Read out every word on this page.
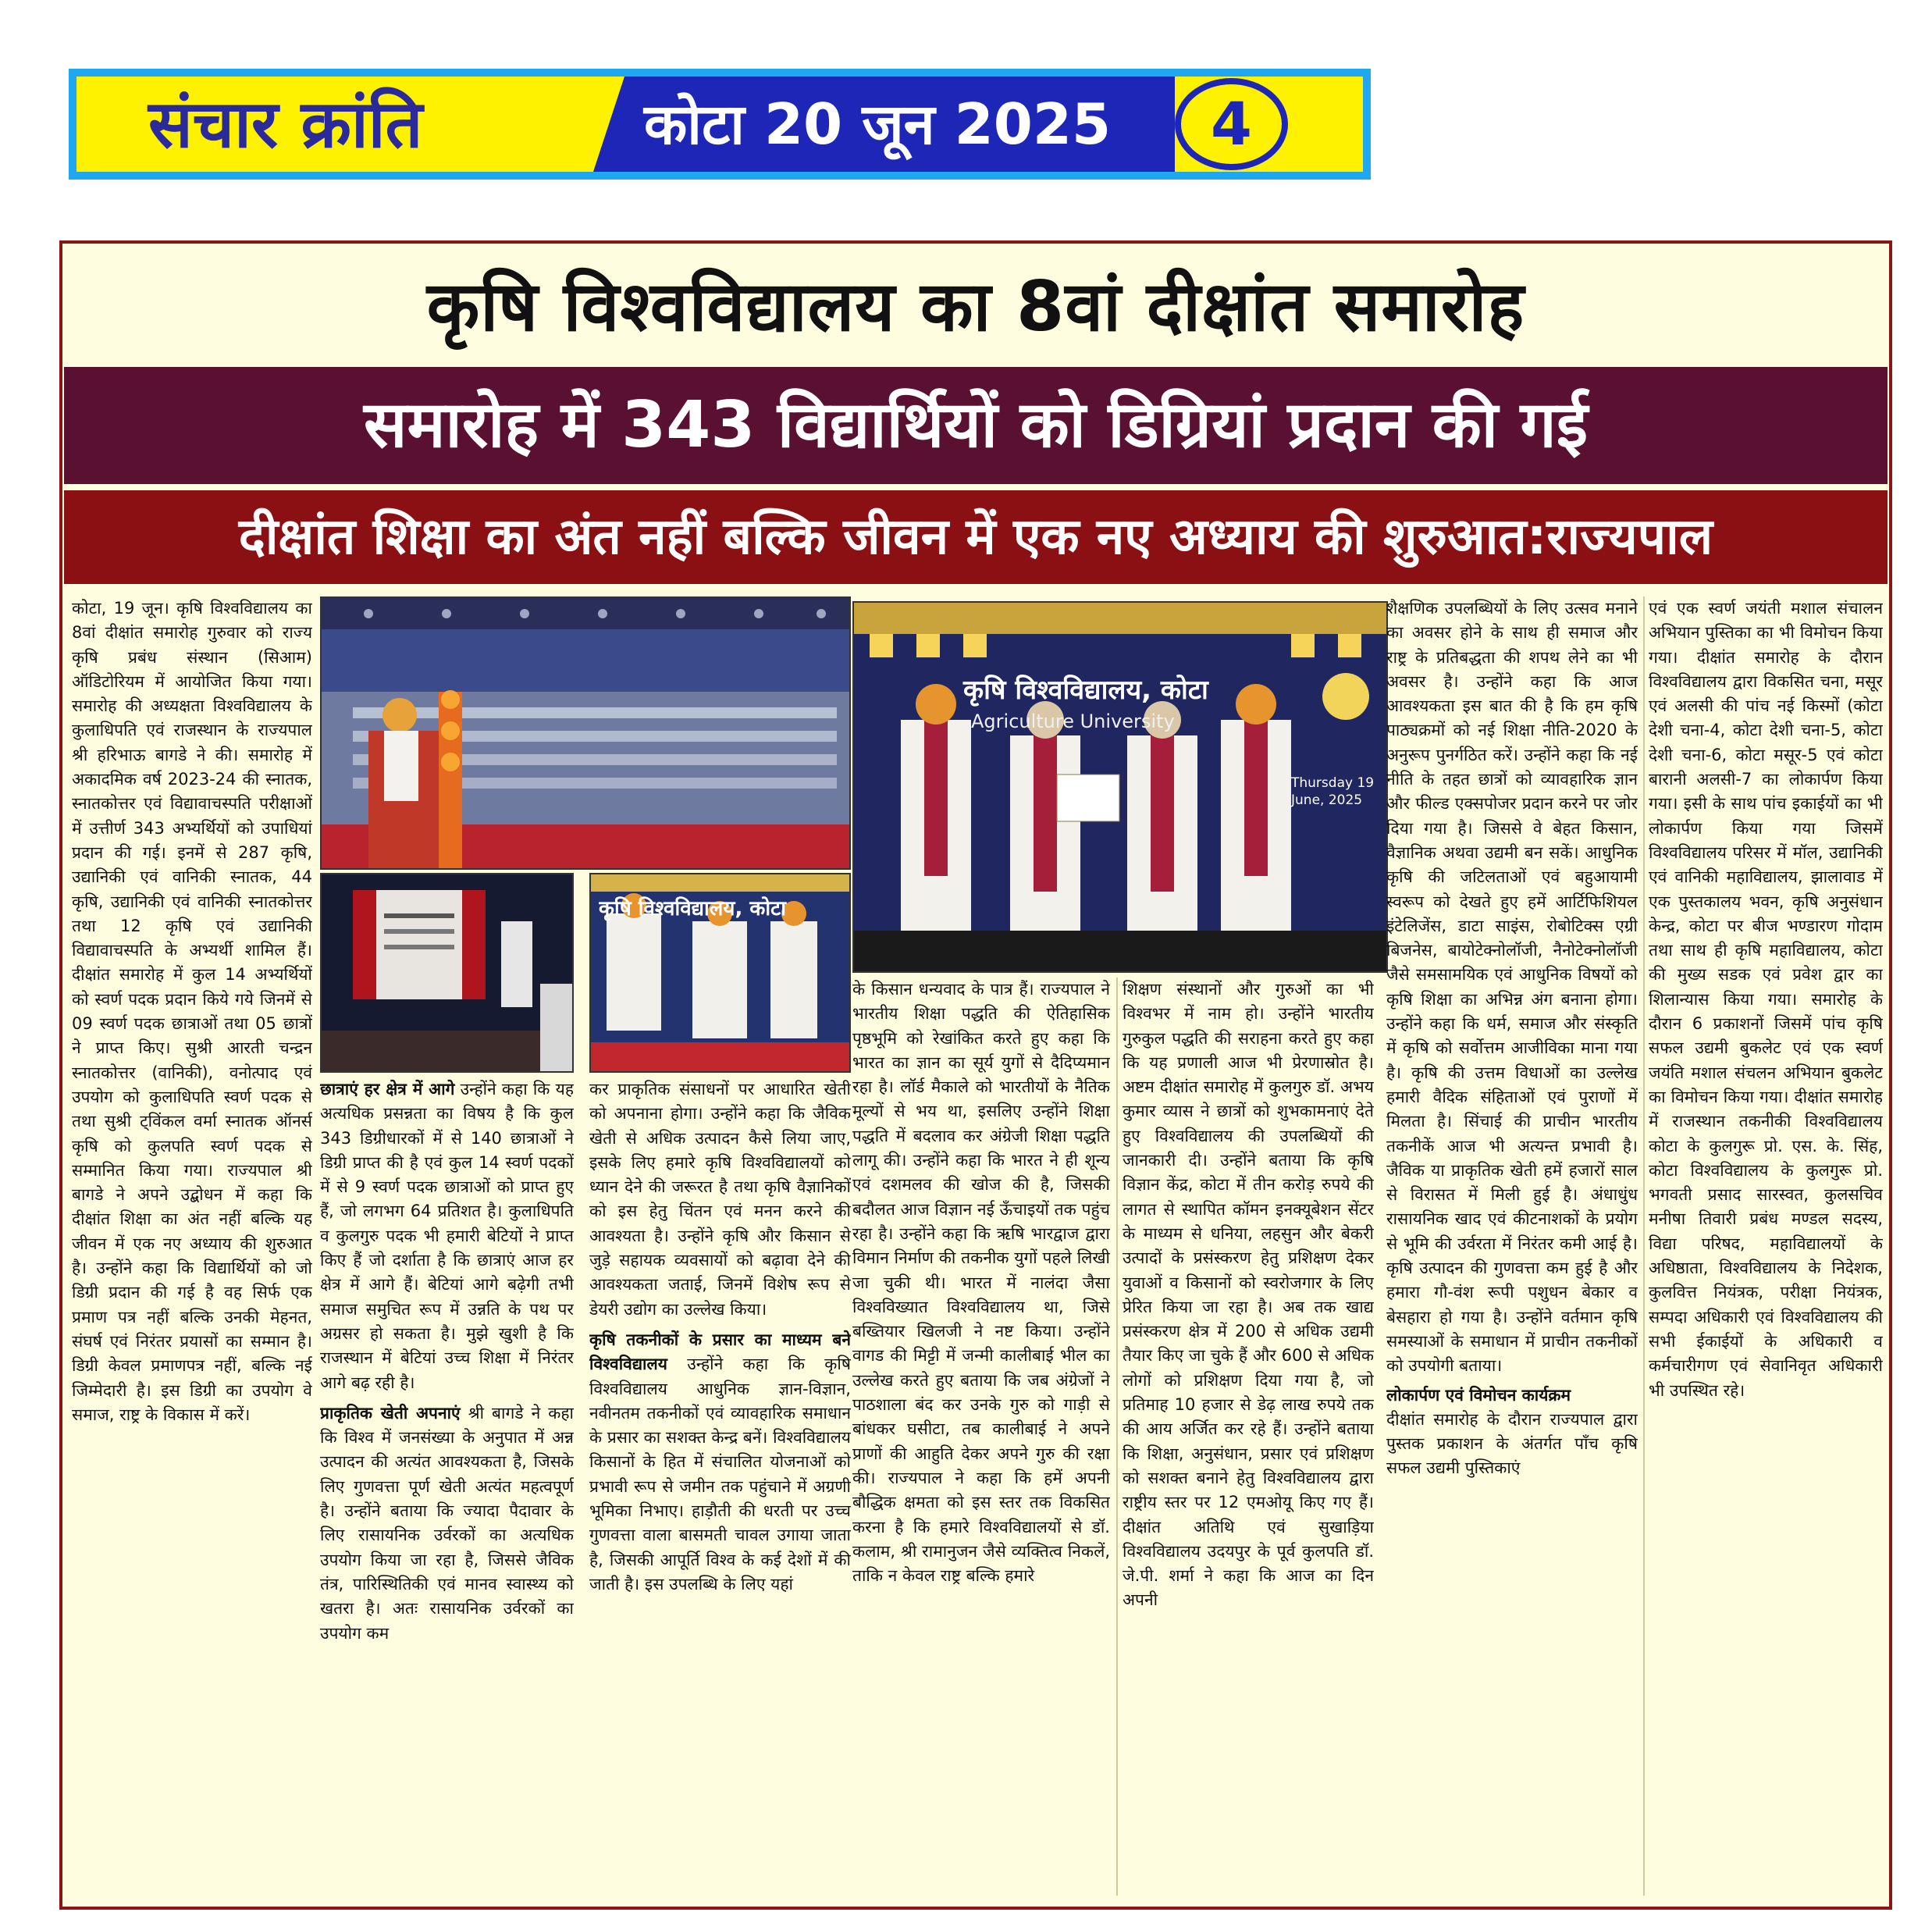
संचार क्रांति	कोटा 20 जून 2025	4
कृषि विश्वविद्यालय का 8वां दीक्षांत समारोह
समारोह में 343 विद्यार्थियों को डिग्रियां प्रदान की गई
दीक्षांत शिक्षा का अंत नहीं बल्कि जीवन में एक नए अध्याय की शुरुआत:राज्यपाल

कोटा, 19 जून। कृषि विश्वविद्यालय का 8वां दीक्षांत समारोह गुरुवार को राज्य कृषि प्रबंध संस्थान (सिआम) ऑडिटोरियम में आयोजित किया गया। समारोह की अध्यक्षता विश्वविद्यालय के कुलाधिपति एवं राजस्थान के राज्यपाल श्री हरिभाऊ बागडे ने की। समारोह में अकादमिक वर्ष 2023-24 की स्नातक, स्नातकोत्तर एवं विद्यावाचस्पति परीक्षाओं में उत्तीर्ण 343 अभ्यर्थियों को उपाधियां प्रदान की गई। इनमें से 287 कृषि, उद्यानिकी एवं वानिकी स्नातक, 44 कृषि, उद्यानिकी एवं वानिकी स्नातकोत्तर तथा 12 कृषि एवं उद्यानिकी विद्यावाचस्पति के अभ्यर्थी शामिल हैं। दीक्षांत समारोह में कुल 14 अभ्यर्थियों को स्वर्ण पदक प्रदान किये गये जिनमें से 09 स्वर्ण पदक छात्राओं तथा 05 छात्रों ने प्राप्त किए। सुश्री आरती चन्द्रन स्नातकोत्तर (वानिकी), वनोत्पाद एवं उपयोग को कुलाधिपति स्वर्ण पदक से तथा सुश्री ट्विंकल वर्मा स्नातक ऑनर्स कृषि को कुलपति स्वर्ण पदक से सम्मानित किया गया। राज्यपाल श्री बागडे ने अपने उद्बोधन में कहा कि दीक्षांत शिक्षा का अंत नहीं बल्कि यह जीवन में एक नए अध्याय की शुरुआत है। उन्होंने कहा कि विद्यार्थियों को जो डिग्री प्रदान की गई है वह सिर्फ एक प्रमाण पत्र नहीं बल्कि उनकी मेहनत, संघर्ष एवं निरंतर प्रयासों का सम्मान है। डिग्री केवल प्रमाणपत्र नहीं, बल्कि नई जिम्मेदारी है। इस डिग्री का उपयोग वे समाज, राष्ट्र के विकास में करें।

कृषि विश्वविद्यालय, कोटा

छात्राएं हर क्षेत्र में आगे उन्होंने कहा कि यह अत्यधिक प्रसन्नता का विषय है कि कुल 343 डिग्रीधारकों में से 140 छात्राओं ने डिग्री प्राप्त की है एवं कुल 14 स्वर्ण पदकों में से 9 स्वर्ण पदक छात्राओं को प्राप्त हुए हैं, जो लगभग 64 प्रतिशत है। कुलाधिपति व कुलगुरु पदक भी हमारी बेटियों ने प्राप्त किए हैं जो दर्शाता है कि छात्राएं आज हर क्षेत्र में आगे हैं। बेटियां आगे बढ़ेगी तभी समाज समुचित रूप में उन्नति के पथ पर अग्रसर हो सकता है। मुझे खुशी है कि राजस्थान में बेटियां उच्च शिक्षा में निरंतर आगे बढ़ रही है।

प्राकृतिक खेती अपनाएं श्री बागडे ने कहा कि विश्व में जनसंख्या के अनुपात में अन्न उत्पादन की अत्यंत आवश्यकता है, जिसके लिए गुणवत्ता पूर्ण खेती अत्यंत महत्वपूर्ण है। उन्होंने बताया कि ज्यादा पैदावार के लिए रासायनिक उर्वरकों का अत्यधिक उपयोग किया जा रहा है, जिससे जैविक तंत्र, पारिस्थितिकी एवं मानव स्वास्थ्य को खतरा है। अतः रासायनिक उर्वरकों का उपयोग कम

कर प्राकृतिक संसाधनों पर आधारित खेती को अपनाना होगा। उन्होंने कहा कि जैविक खेती से अधिक उत्पादन कैसे लिया जाए, इसके लिए हमारे कृषि विश्वविद्यालयों को ध्यान देने की जरूरत है तथा कृषि वैज्ञानिकों को इस हेतु चिंतन एवं मनन करने की आवश्यता है। उन्होंने कृषि और किसान से जुड़े सहायक व्यवसायों को बढ़ावा देने की आवश्यकता जताई, जिनमें विशेष रूप से डेयरी उद्योग का उल्लेख किया।

कृषि तकनीकों के प्रसार का माध्यम बने विश्वविद्यालय उन्होंने कहा कि कृषि विश्वविद्यालय आधुनिक ज्ञान-विज्ञान, नवीनतम तकनीकों एवं व्यावहारिक समाधान के प्रसार का सशक्त केन्द्र बनें। विश्वविद्यालय किसानों के हित में संचालित योजनाओं को प्रभावी रूप से जमीन तक पहुंचाने में अग्रणी भूमिका निभाए। हाड़ौती की धरती पर उच्च गुणवत्ता वाला बासमती चावल उगाया जाता है, जिसकी आपूर्ति विश्व के कई देशों में की जाती है। इस उपलब्धि के लिए यहां

कृषि विश्वविद्यालय, कोटा
Agriculture University
Thursday 19 June, 2025

के किसान धन्यवाद के पात्र हैं। राज्यपाल ने भारतीय शिक्षा पद्धति की ऐतिहासिक पृष्ठभूमि को रेखांकित करते हुए कहा कि भारत का ज्ञान का सूर्य युगों से दैदिप्यमान रहा है। लॉर्ड मैकाले को भारतीयों के नैतिक मूल्यों से भय था, इसलिए उन्होंने शिक्षा पद्धति में बदलाव कर अंग्रेजी शिक्षा पद्धति लागू की। उन्होंने कहा कि भारत ने ही शून्य एवं दशमलव की खोज की है, जिसकी बदौलत आज विज्ञान नई ऊँचाइयों तक पहुंच रहा है। उन्होंने कहा कि ऋषि भारद्वाज द्वारा विमान निर्माण की तकनीक युगों पहले लिखी जा चुकी थी। भारत में नालंदा जैसा विश्वविख्यात विश्वविद्यालय था, जिसे बख्तियार खिलजी ने नष्ट किया। उन्होंने वागड की मिट्टी में जन्मी कालीबाई भील का उल्लेख करते हुए बताया कि जब अंग्रेजों ने पाठशाला बंद कर उनके गुरु को गाड़ी से बांधकर घसीटा, तब कालीबाई ने अपने प्राणों की आहुति देकर अपने गुरु की रक्षा की। राज्यपाल ने कहा कि हमें अपनी बौद्धिक क्षमता को इस स्तर तक विकसित करना है कि हमारे विश्वविद्यालयों से डॉ. कलाम, श्री रामानुजन जैसे व्यक्तित्व निकलें, ताकि न केवल राष्ट्र बल्कि हमारे

शिक्षण संस्थानों और गुरुओं का भी विश्वभर में नाम हो। उन्होंने भारतीय गुरुकुल पद्धति की सराहना करते हुए कहा कि यह प्रणाली आज भी प्रेरणास्रोत है। अष्टम दीक्षांत समारोह में कुलगुरु डॉ. अभय कुमार व्यास ने छात्रों को शुभकामनाएं देते हुए विश्वविद्यालय की उपलब्धियों की जानकारी दी। उन्होंने बताया कि कृषि विज्ञान केंद्र, कोटा में तीन करोड़ रुपये की लागत से स्थापित कॉमन इनक्यूबेशन सेंटर के माध्यम से धनिया, लहसुन और बेकरी उत्पादों के प्रसंस्करण हेतु प्रशिक्षण देकर युवाओं व किसानों को स्वरोजगार के लिए प्रेरित किया जा रहा है। अब तक खाद्य प्रसंस्करण क्षेत्र में 200 से अधिक उद्यमी तैयार किए जा चुके हैं और 600 से अधिक लोगों को प्रशिक्षण दिया गया है, जो प्रतिमाह 10 हजार से डेढ़ लाख रुपये तक की आय अर्जित कर रहे हैं। उन्होंने बताया कि शिक्षा, अनुसंधान, प्रसार एवं प्रशिक्षण को सशक्त बनाने हेतु विश्वविद्यालय द्वारा राष्ट्रीय स्तर पर 12 एमओयू किए गए हैं। दीक्षांत अतिथि एवं सुखाड़िया विश्वविद्यालय उदयपुर के पूर्व कुलपति डॉ. जे.पी. शर्मा ने कहा कि आज का दिन अपनी

शैक्षणिक उपलब्धियों के लिए उत्सव मनाने का अवसर होने के साथ ही समाज और राष्ट्र के प्रतिबद्धता की शपथ लेने का भी अवसर है। उन्होंने कहा कि आज आवश्यकता इस बात की है कि हम कृषि पाठ्यक्रमों को नई शिक्षा नीति-2020 के अनुरूप पुनर्गठित करें। उन्होंने कहा कि नई नीति के तहत छात्रों को व्यावहारिक ज्ञान और फील्ड एक्सपोजर प्रदान करने पर जोर दिया गया है। जिससे वे बेहत किसान, वैज्ञानिक अथवा उद्यमी बन सकें। आधुनिक कृषि की जटिलताओं एवं बहुआयामी स्वरूप को देखते हुए हमें आर्टिफिशियल इंटेलिजेंस, डाटा साइंस, रोबोटिक्स एग्री बिजनेस, बायोटेक्नोलॉजी, नैनोटेक्नोलॉजी जैसे समसामयिक एवं आधुनिक विषयों को कृषि शिक्षा का अभिन्न अंग बनाना होगा। उन्होंने कहा कि धर्म, समाज और संस्कृति में कृषि को सर्वोत्तम आजीविका माना गया है। कृषि की उत्तम विधाओं का उल्लेख हमारी वैदिक संहिताओं एवं पुराणों में मिलता है। सिंचाई की प्राचीन भारतीय तकनीकें आज भी अत्यन्त प्रभावी है। जैविक या प्राकृतिक खेती हमें हजारों साल से विरासत में मिली हुई है। अंधाधुंध रासायनिक खाद एवं कीटनाशकों के प्रयोग से भूमि की उर्वरता में निरंतर कमी आई है। कृषि उत्पादन की गुणवत्ता कम हुई है और हमारा गौ-वंश रूपी पशुधन बेकार व बेसहारा हो गया है। उन्होंने वर्तमान कृषि समस्याओं के समाधान में प्राचीन तकनीकों को उपयोगी बताया।

लोकार्पण एवं विमोचन कार्यक्रम

दीक्षांत समारोह के दौरान राज्यपाल द्वारा पुस्तक प्रकाशन के अंतर्गत पाँच कृषि सफल उद्यमी पुस्तिकाएं

एवं एक स्वर्ण जयंती मशाल संचालन अभियान पुस्तिका का भी विमोचन किया गया। दीक्षांत समारोह के दौरान विश्वविद्यालय द्वारा विकसित चना, मसूर एवं अलसी की पांच नई किस्मों (कोटा देशी चना-4, कोटा देशी चना-5, कोटा देशी चना-6, कोटा मसूर-5 एवं कोटा बारानी अलसी-7 का लोकार्पण किया गया। इसी के साथ पांच इकाईयों का भी लोकार्पण किया गया जिसमें विश्वविद्यालय परिसर में मॉल, उद्यानिकी एवं वानिकी महाविद्यालय, झालावाड में एक पुस्तकालय भवन, कृषि अनुसंधान केन्द्र, कोटा पर बीज भण्डारण गोदाम तथा साथ ही कृषि महाविद्यालय, कोटा की मुख्य सडक एवं प्रवेश द्वार का शिलान्यास किया गया। समारोह के दौरान 6 प्रकाशनों जिसमें पांच कृषि सफल उद्यमी बुकलेट एवं एक स्वर्ण जयंति मशाल संचलन अभियान बुकलेट का विमोचन किया गया। दीक्षांत समारोह में राजस्थान तकनीकी विश्वविद्यालय कोटा के कुलगुरू प्रो. एस. के. सिंह, कोटा विश्वविद्यालय के कुलगुरू प्रो. भगवती प्रसाद सारस्वत, कुलसचिव मनीषा तिवारी प्रबंध मण्डल सदस्य, विद्या परिषद, महाविद्यालयों के अधिष्ठाता, विश्वविद्यालय के निदेशक, कुलवित्त नियंत्रक, परीक्षा नियंत्रक, सम्पदा अधिकारी एवं विश्वविद्यालय की सभी ईकाईयों के अधिकारी व कर्मचारीगण एवं सेवानिवृत अधिकारी भी उपस्थित रहे।
